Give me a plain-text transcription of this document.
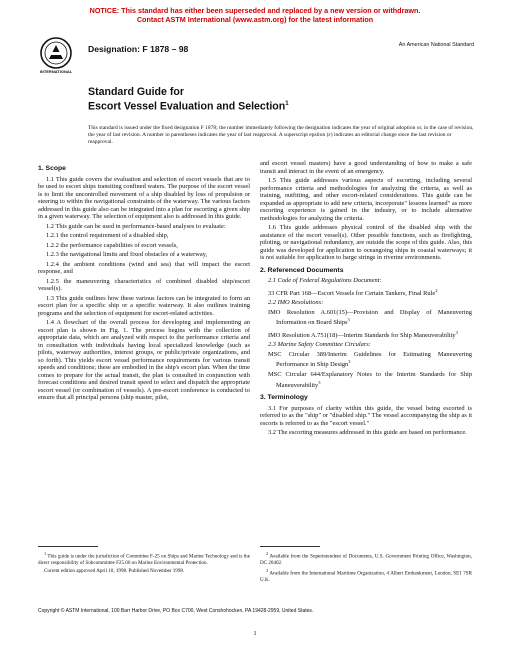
NOTICE: This standard has either been superseded and replaced by a new version or withdrawn.
Contact ASTM International (www.astm.org) for the latest information
INTERNATIONAL
Designation: F 1878 – 98	An American National Standard
Standard Guide for
Escort Vessel Evaluation and Selection$^1$
This standard is issued under the fixed designation F 1878; the number immediately following the designation indicates the year of original adoption or, in the case of revision, the year of last revision. A number in parentheses indicates the year of last reapproval. A superscript epsilon (ε) indicates an editorial change since the last revision or reapproval.
1. Scope

1.1 This guide covers the evaluation and selection of escort vessels that are to be used to escort ships transiting confined waters. The purpose of the escort vessel is to limit the uncontrolled movement of a ship disabled by loss of propulsion or steering to within the navigational constraints of the waterway. The various factors addressed in this guide also can be integrated into a plan for escorting a given ship in a given waterway. The selection of equipment also is addressed in this guide.

1.2 This guide can be used in performance-based analyses to evaluate:

1.2.1 the control requirement of a disabled ship,

1.2.2 the performance capabilities of escort vessels,

1.2.3 the navigational limits and fixed obstacles of a waterway,

1.2.4 the ambient conditions (wind and sea) that will impact the escort response, and

1.2.5 the maneuvering characteristics of combined disabled ship/escort vessel(s).

1.3 This guide outlines how these various factors can be integrated to form an escort plan for a specific ship or a specific waterway. It also outlines training programs and the selection of equipment for escort-related activities.

1.4 A flowchart of the overall process for developing and implementing an escort plan is shown in Fig. 1. The process begins with the collection of appropriate data, which are analyzed with respect to the performance criteria and in consultation with individuals having local specialized knowledge (such as pilots, waterway authorities, interest groups, or public/private organizations, and so forth). This yields escort vessel performance requirements for various transit speeds and conditions; these are embodied in the ship's escort plan. When the time comes to prepare for the actual transit, the plan is consulted in conjunction with forecast conditions and desired transit speed to select and dispatch the appropriate escort vessel (or combination of vessels). A pre-escort conference is conducted to ensure that all principal persons (ship master, pilot,

$^1$ This guide is under the jurisdiction of Committee F-25 on Ships and Marine Technology and is the direct responsibility of Subcommittee F25.06 on Marine Environmental Protection.

Current edition approved April 10, 1998. Published November 1998.

and escort vessel masters) have a good understanding of how to make a safe transit and interact in the event of an emergency.

1.5 This guide addresses various aspects of escorting, including several performance criteria and methodologies for analyzing the criteria, as well as training, outfitting, and other escort-related considerations. This guide can be expanded as appropriate to add new criteria, incorporate" lessons learned" as more escorting experience is gained in the industry, or to include alternative methodologies for analyzing the criteria.

1.6 This guide addresses physical control of the disabled ship with the assistance of the escort vessel(s). Other possible functions, such as firefighting, piloting, or navigational redundancy, are outside the scope of this guide. Also, this guide was developed for application to oceangoing ships in coastal waterways; it is not suitable for application to barge strings in riverine environments.

2. Referenced Documents

2.1 Code of Federal Regulations Document:

33 CFR Part 168—Escort Vessels for Certain Tankers, Final Rule$^2$

2.2 IMO Resolutions:

IMO Resolution A.601(15)—Provision and Display of Maneuvering Information on Board Ships$^3$

IMO Resolution A.751(18)—Interim Standards for Ship Maneuverability$^3$

2.3 Marine Safety Committee Circulars:

MSC Circular 389/Interim Guidelines for Estimating Maneuvering Performance in Ship Design$^3$

MSC Circular 644/Explanatory Notes to the Interim Standards for Ship Maneuverability$^3$

3. Terminology

3.1 For purposes of clarity within this guide, the vessel being escorted is referred to as the "ship" or "disabled ship." The vessel accompanying the ship as it escorts is referred to as the "escort vessel."

3.2 The escorting measures addressed in this guide are based on performance.

$^2$ Available from the Superintendent of Documents, U.S. Government Printing Office, Washington, DC 20402.

$^3$ Available from the International Maritime Organization, 4 Albert Embankment, London, SE1 7SR U.K.

Copyright © ASTM International, 100 Barr Harbor Drive, PO Box C700, West Conshohocken, PA 19428-2959, United States.
1
